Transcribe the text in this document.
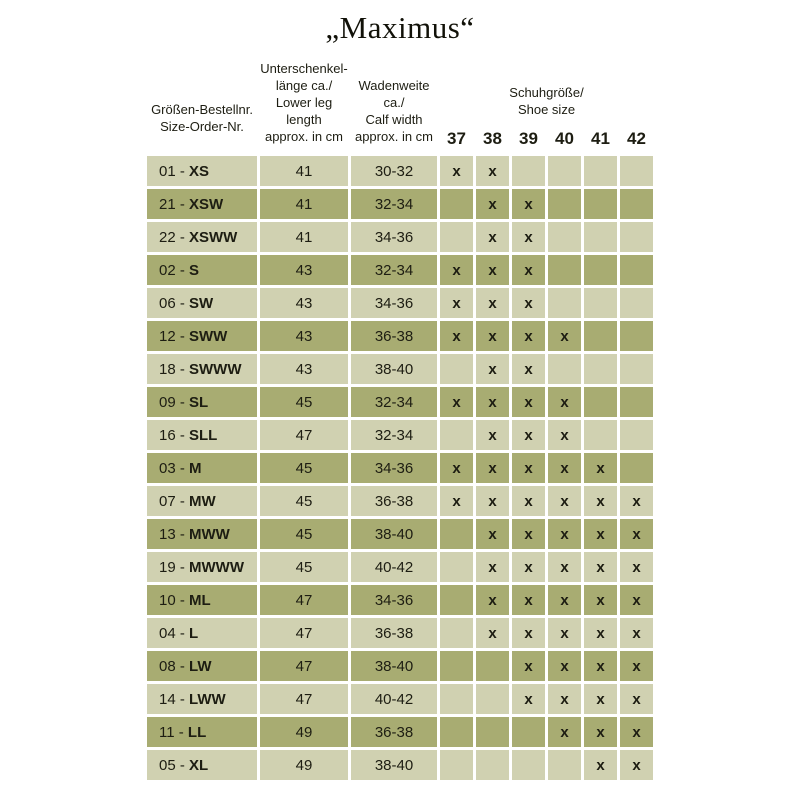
„Maximus“
Größen-Bestellnr.
Size-Order-Nr.

Unterschenkel-
länge ca./
Lower leg length
approx. in cm

Wadenweite ca./
Calf width
approx. in cm

Schuhgröße/
Shoe size

			37	38	39	40	41	42
01 - XS	41	30-32	x	x				
21 - XSW	41	32-34		x	x			
22 - XSWW	41	34-36		x	x			
02 - S	43	32-34	x	x	x			
06 - SW	43	34-36	x	x	x			
12 - SWW	43	36-38	x	x	x	x		
18 - SWWW	43	38-40		x	x			
09 - SL	45	32-34	x	x	x	x		
16 - SLL	47	32-34		x	x	x		
03 - M	45	34-36	x	x	x	x	x	
07 - MW	45	36-38	x	x	x	x	x	x
13 - MWW	45	38-40		x	x	x	x	x
19 - MWWW	45	40-42		x	x	x	x	x
10 - ML	47	34-36		x	x	x	x	x
04 - L	47	36-38		x	x	x	x	x
08 - LW	47	38-40			x	x	x	x
14 - LWW	47	40-42			x	x	x	x
11 - LL	49	36-38				x	x	x
05 - XL	49	38-40					x	x
